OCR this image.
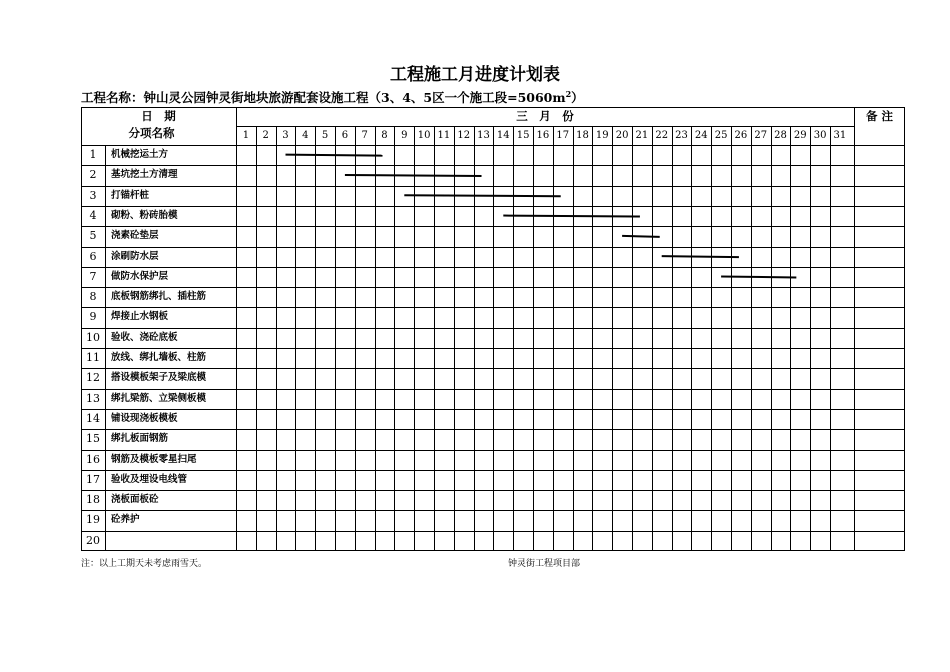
工程施工月进度计划表
工程名称：钟山灵公园钟灵街地块旅游配套设施工程（3、4、5区一个施工段$=5060m^2$）
日　期
分项名称
三　月　份	备 注
1	2	3	4	5	6	7	8	9	10 11 12 13 14 15 16 17 18 19 20 21 22 23 24 25 26 27 28 29 30 31
1	机械挖运土方
2	基坑挖土方清理
3	打锚杆桩
4	砌粉、粉砖胎模
5	浇素砼垫层
6	涂刷防水层
7	做防水保护层
8	底板钢筋绑扎、插柱筋
9	焊接止水钢板
10	验收、浇砼底板
11	放线、绑扎墙板、柱筋
12	搭设模板架子及梁底模
13	绑扎梁筋、立梁侧板模
14	铺设现浇板模板
15	绑扎板面钢筋
16	钢筋及模板零星扫尾
17	验收及埋设电线管
18	浇板面板砼
19	砼养护
20
注：以上工期天未考虑雨雪天。	钟灵街工程项目部
